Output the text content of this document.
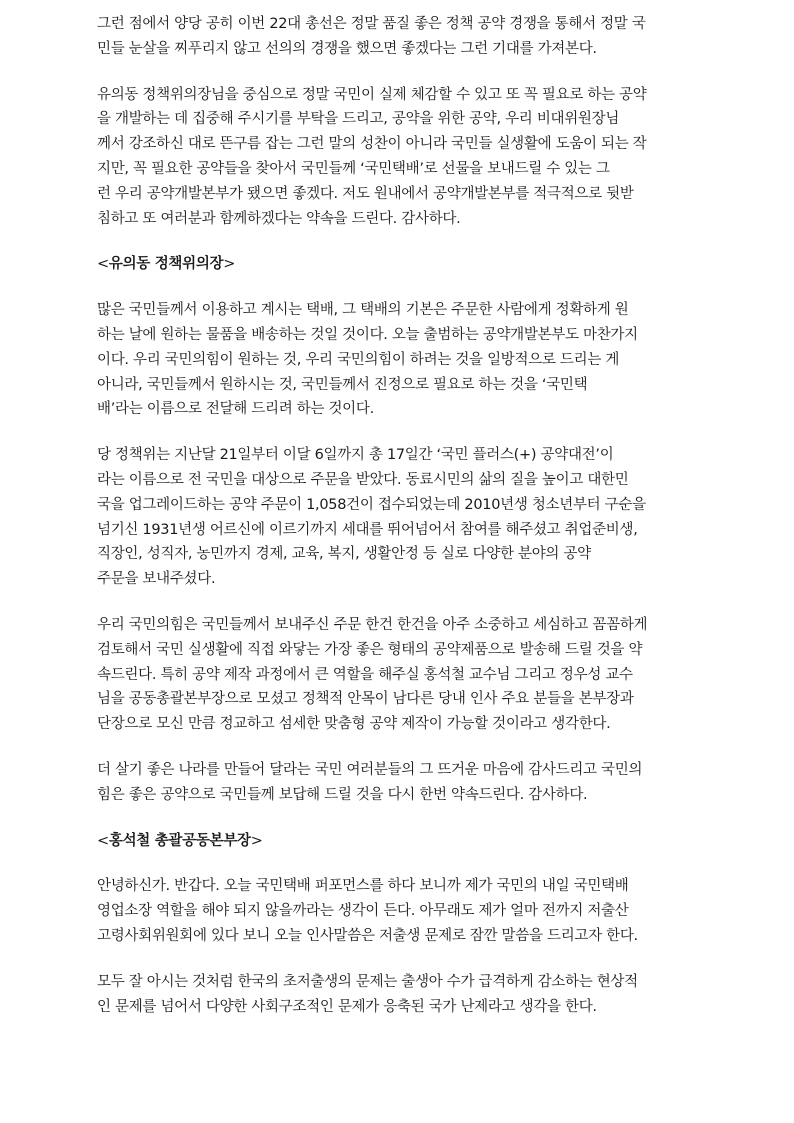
그런 점에서 양당 공히 이번 22대 총선은 정말 품질 좋은 정책 공약 경쟁을 통해서 정말 국
민들 눈살을 찌푸리지 않고 선의의 경쟁을 했으면 좋겠다는 그런 기대를 가져본다.
유의동 정책위의장님을 중심으로 정말 국민이 실제 체감할 수 있고 또 꼭 필요로 하는 공약
을 개발하는 데 집중해 주시기를 부탁을 드리고, 공약을 위한 공약, 우리 비대위원장님
께서 강조하신 대로 뜬구름 잡는 그런 말의 성찬이 아니라 국민들 실생활에 도움이 되는 작
지만, 꼭 필요한 공약들을 찾아서 국민들께 ‘국민택배’로 선물을 보내드릴 수 있는 그
런 우리 공약개발본부가 됐으면 좋겠다. 저도 원내에서 공약개발본부를 적극적으로 뒷받
침하고 또 여러분과 함께하겠다는 약속을 드린다. 감사하다.
<유의동 정책위의장>
많은 국민들께서 이용하고 계시는 택배, 그 택배의 기본은 주문한 사람에게 정확하게 원
하는 날에 원하는 물품을 배송하는 것일 것이다. 오늘 출범하는 공약개발본부도 마찬가지
이다. 우리 국민의힘이 원하는 것, 우리 국민의힘이 하려는 것을 일방적으로 드리는 게
아니라, 국민들께서 원하시는 것, 국민들께서 진정으로 필요로 하는 것을 ‘국민택
배’라는 이름으로 전달해 드리려 하는 것이다.
당 정책위는 지난달 21일부터 이달 6일까지 총 17일간 ‘국민 플러스(+) 공약대전’이
라는 이름으로 전 국민을 대상으로 주문을 받았다. 동료시민의 삶의 질을 높이고 대한민
국을 업그레이드하는 공약 주문이 1,058건이 접수되었는데 2010년생 청소년부터 구순을
넘기신 1931년생 어르신에 이르기까지 세대를 뛰어넘어서 참여를 해주셨고 취업준비생,
직장인, 성직자, 농민까지 경제, 교육, 복지, 생활안정 등 실로 다양한 분야의 공약
주문을 보내주셨다.
우리 국민의힘은 국민들께서 보내주신 주문 한건 한건을 아주 소중하고 세심하고 꼼꼼하게
검토해서 국민 실생활에 직접 와닿는 가장 좋은 형태의 공약제품으로 발송해 드릴 것을 약
속드린다. 특히 공약 제작 과정에서 큰 역할을 해주실 홍석철 교수님 그리고 정우성 교수
님을 공동총괄본부장으로 모셨고 정책적 안목이 남다른 당내 인사 주요 분들을 본부장과
단장으로 모신 만큼 정교하고 섬세한 맞춤형 공약 제작이 가능할 것이라고 생각한다.
더 살기 좋은 나라를 만들어 달라는 국민 여러분들의 그 뜨거운 마음에 감사드리고 국민의
힘은 좋은 공약으로 국민들께 보답해 드릴 것을 다시 한번 약속드린다. 감사하다.
<홍석철 총괄공동본부장>
안녕하신가. 반갑다. 오늘 국민택배 퍼포먼스를 하다 보니까 제가 국민의 내일 국민택배
영업소장 역할을 해야 되지 않을까라는 생각이 든다. 아무래도 제가 얼마 전까지 저출산
고령사회위원회에 있다 보니 오늘 인사말씀은 저출생 문제로 잠깐 말씀을 드리고자 한다.
모두 잘 아시는 것처럼 한국의 초저출생의 문제는 출생아 수가 급격하게 감소하는 현상적
인 문제를 넘어서 다양한 사회구조적인 문제가 응축된 국가 난제라고 생각을 한다.
